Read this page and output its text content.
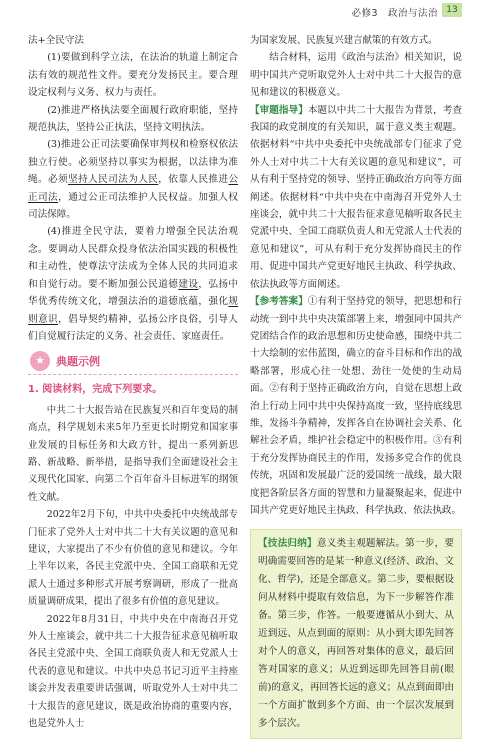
必修3　政治与法治 13

法+全民守法

(1)要做到科学立法，在法治的轨道上制定合法有效的规范性文件。要充分发扬民主。要合理设定权利与义务、权力与责任。

(2)推进严格执法要全面履行政府职能，坚持规范执法，坚持公正执法，坚持文明执法。

(3)推进公正司法要确保审判权和检察权依法独立行使。必须坚持以事实为根据，以法律为准绳。必须坚持人民司法为人民，依靠人民推进公正司法，通过公正司法维护人民权益。加强人权司法保障。

(4)推进全民守法，要着力增强全民法治观念。要调动人民群众投身依法治国实践的积极性和主动性，使尊法守法成为全体人民的共同追求和自觉行动。要不断加强公民道德建设，弘扬中华优秀传统文化，增强法治的道德底蕴，强化规则意识，倡导契约精神，弘扬公序良俗，引导人们自觉履行法定的义务、社会责任、家庭责任。

★	典题示例

1. 阅读材料，完成下列要求。

中共二十大报告站在民族复兴和百年变局的制高点，科学规划未来5年乃至更长时期党和国家事业发展的目标任务和大政方针，提出一系列新思路、新战略、新举措，是指导我们全面建设社会主义现代化国家、向第二个百年奋斗目标进军的纲领性文献。

2022年2月下旬，中共中央委托中央统战部专门征求了党外人士对中共二十大有关议题的意见和建议，大家提出了不少有价值的意见和建议。今年上半年以来，各民主党派中央、全国工商联和无党派人士通过多种形式开展考察调研，形成了一批高质量调研成果，提出了很多有价值的意见建议。

2022年8月31日，中共中央在中南海召开党外人士座谈会，就中共二十大报告征求意见稿听取各民主党派中央、全国工商联负责人和无党派人士代表的意见和建议。中共中央总书记习近平主持座谈会并发表重要讲话强调，听取党外人士对中共二十大报告的意见建议，既是政治协商的重要内容，也是党外人士

为国家发展、民族复兴建言献策的有效方式。

结合材料，运用《政治与法治》相关知识，说明中国共产党听取党外人士对中共二十大报告的意见和建议的积极意义。

【审题指导】本题以中共二十大报告为背景，考查我国的政党制度的有关知识，属于意义类主观题。依据材料“中共中央委托中央统战部专门征求了党外人士对中共二十大有关议题的意见和建议”，可从有利于坚持党的领导、坚持正确政治方向等方面阐述。依据材料“中共中央在中南海召开党外人士座谈会，就中共二十大报告征求意见稿听取各民主党派中央、全国工商联负责人和无党派人士代表的意见和建议”，可从有利于充分发挥协商民主的作用、促进中国共产党更好地民主执政、科学执政、依法执政等方面阐述。

【参考答案】①有利于坚持党的领导，把思想和行动统一到中共中央决策部署上来，增强同中国共产党团结合作的政治思想和历史使命感，围绕中共二十大绘制的宏伟蓝图，确立的奋斗目标和作出的战略部署，形成心往一处想、劲往一处使的生动局面。②有利于坚持正确政治方向，自觉在思想上政治上行动上同中共中央保持高度一致，坚持底线思维，发扬斗争精神，发挥各自在协调社会关系、化解社会矛盾，维护社会稳定中的积极作用。③有利于充分发挥协商民主的作用，发扬多党合作的优良传统，巩固和发展最广泛的爱国统一战线，最大限度把各阶层各方面的智慧和力量凝聚起来，促进中国共产党更好地民主执政、科学执政、依法执政。

【技法归纳】意义类主观题解法。第一步，要明确需要回答的是某一种意义(经济、政治、文化、哲学)，还是全部意义。第二步，要根据设问从材料中提取有效信息，为下一步解答作准备。第三步，作答。一般要遵循从小到大、从近到远、从点到面的原则：从小到大即先回答对个人的意义，再回答对集体的意义，最后回答对国家的意义；从近到远即先回答目前(眼前)的意义，再回答长远的意义；从点到面即由一个方面扩散到多个方面、由一个层次发展到多个层次。
